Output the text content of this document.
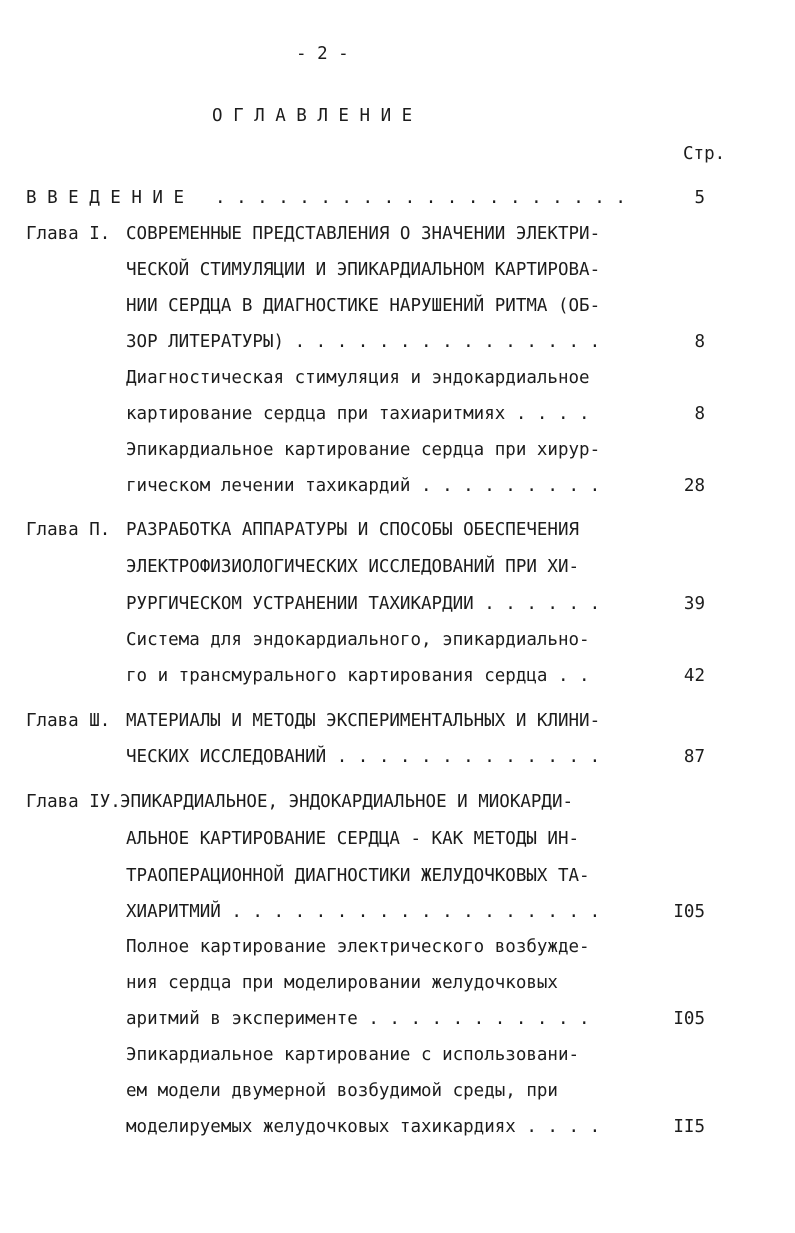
- 2 -
О Г Л А В Л Е Н И Е
Стр.
В В Е Д Е Н И Е . . . . . . . . . . . . . . . . . . . .	5
Глава I. СОВРЕМЕННЫЕ ПРЕДСТАВЛЕНИЯ О ЗНАЧЕНИИ ЭЛЕКТРИ-
ЧЕСКОЙ СТИМУЛЯЦИИ И ЭПИКАРДИАЛЬНОМ КАРТИРОВА-
НИИ СЕРДЦА В ДИАГНОСТИКЕ НАРУШЕНИЙ РИТМА (ОБ-
ЗОР ЛИТЕРАТУРЫ) . . . . . . . . . . . . . . .	8
Диагностическая стимуляция и эндокардиальное
картирование сердца при тахиаритмиях . . . .	8
Эпикардиальное картирование сердца при хирур-
гическом лечении тахикардий . . . . . . . . .	28
Глава П. РАЗРАБОТКА АППАРАТУРЫ И СПОСОБЫ ОБЕСПЕЧЕНИЯ
ЭЛЕКТРОФИЗИОЛОГИЧЕСКИХ ИССЛЕДОВАНИЙ ПРИ ХИ-
РУРГИЧЕСКОМ УСТРАНЕНИИ ТАХИКАРДИИ . . . . . .	39
Система для эндокардиального, эпикардиально-
го и трансмурального картирования сердца . .	42
Глава Ш. МАТЕРИАЛЫ И МЕТОДЫ ЭКСПЕРИМЕНТАЛЬНЫХ И КЛИНИ-
ЧЕСКИХ ИССЛЕДОВАНИЙ . . . . . . . . . . . . .	87
Глава IУ. ЭПИКАРДИАЛЬНОЕ, ЭНДОКАРДИАЛЬНОЕ И МИОКАРДИ-
АЛЬНОЕ КАРТИРОВАНИЕ СЕРДЦА - КАК МЕТОДЫ ИН-
ТРАОПЕРАЦИОННОЙ ДИАГНОСТИКИ ЖЕЛУДОЧКОВЫХ ТА-
ХИАРИТМИЙ . . . . . . . . . . . . . . . . . .	I05
Полное картирование электрического возбужде-
ния сердца при моделировании желудочковых
аритмий в эксперименте . . . . . . . . . . .	I05
Эпикардиальное картирование с использовани-
ем модели двумерной возбудимой среды, при
моделируемых желудочковых тахикардиях . . . .	II5
